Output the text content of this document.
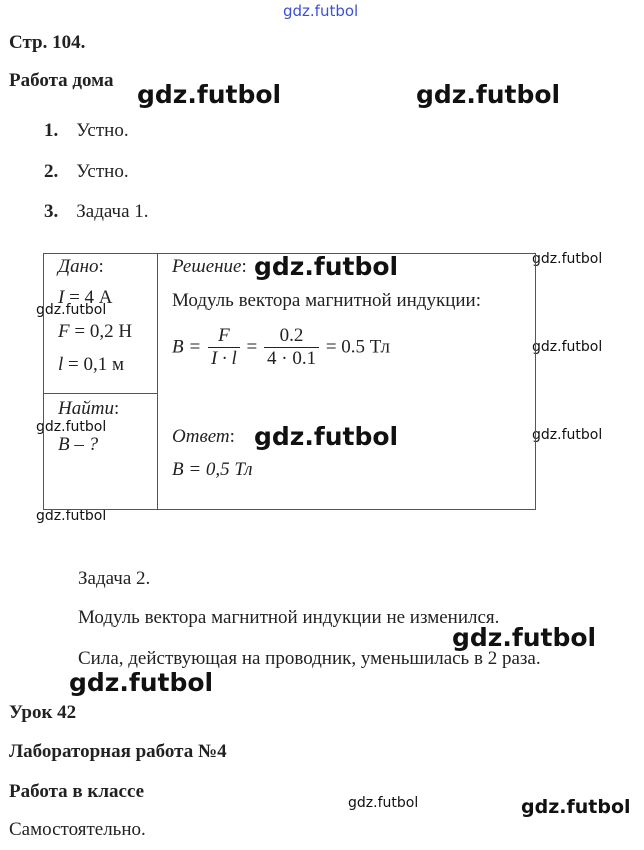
gdz.futbol
gdz.futbol	gdz.futbol
gdz.futbol
gdz.futbol
gdz.futbol
gdz.futbol
gdz.futbol
gdz.futbol
gdz.futbol
gdz.futbol
gdz.futbol
gdz.futbol
gdz.futbol	gdz.futbol
Стр. 104.
Работа дома
1. Устно.
2. Устно.
3. Задача 1.
Дано:
I = 4 А
F = 0,2 Н
l = 0,1 м
Найти:
B – ?
Решение:
Модуль вектора магнитной индукции:
$B = \frac{F}{I \cdot l} = \frac{0.2}{4 \cdot 0.1} = 0.5$ Тл
Ответ:
B = 0,5 Тл
Задача 2.
Модуль вектора магнитной индукции не изменился.
Сила, действующая на проводник, уменьшилась в 2 раза.
Урок 42
Лабораторная работа №4
Работа в классе
Самостоятельно.
